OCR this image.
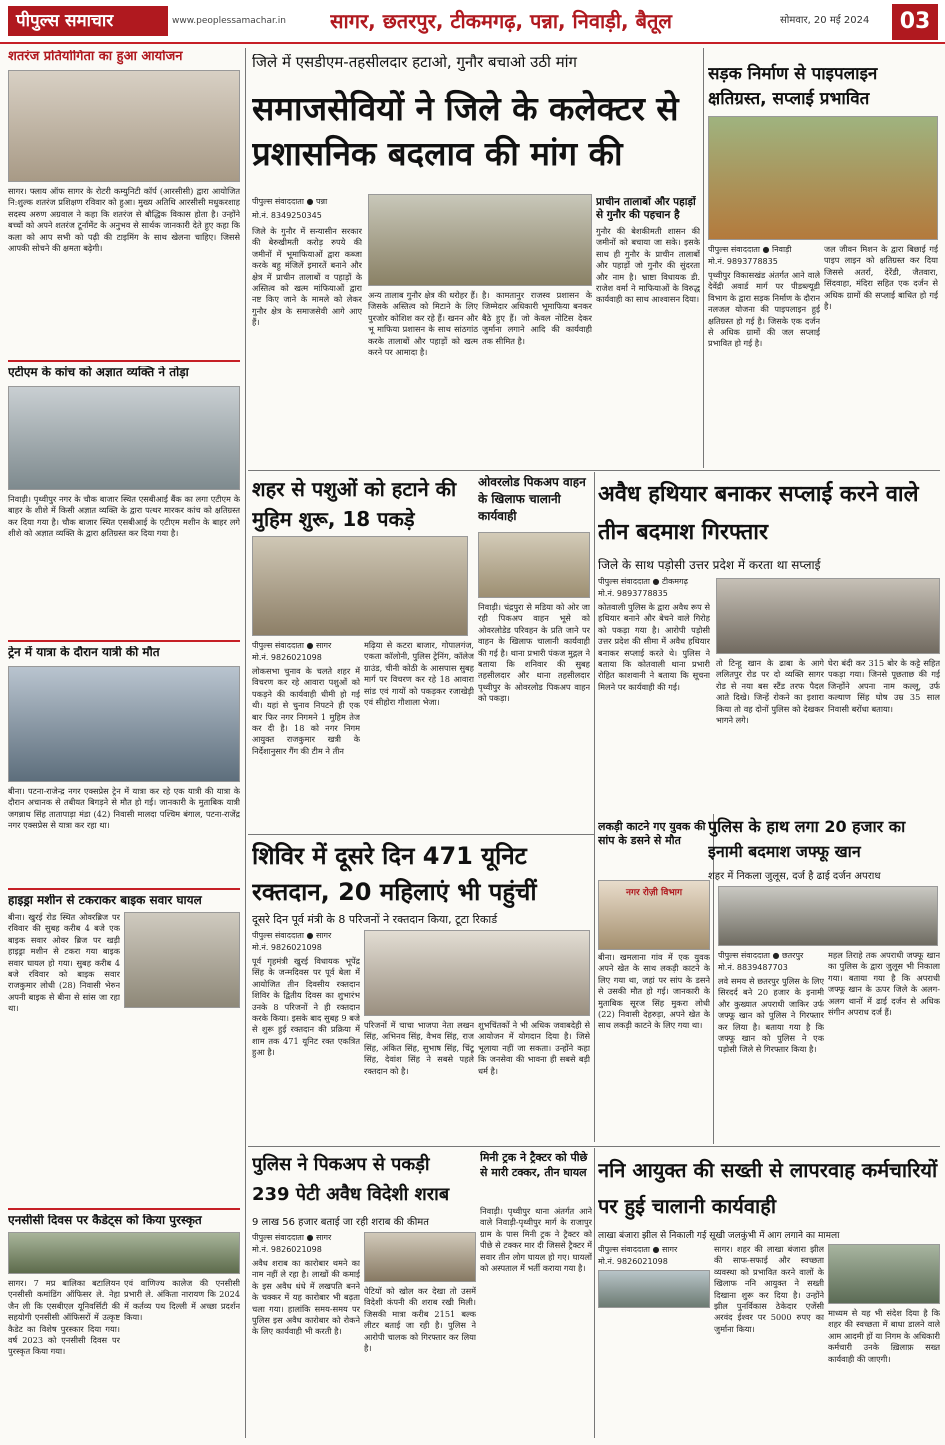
पीपुल्स समाचार	www.peoplessamachar.in	सागर, छतरपुर, टीकमगढ़, पन्ना, निवाड़ी, बैतूल	सोमवार, 20 मई 2024	03
शतरंज प्रतियोगिता का हुआ आयोजन
सागर। फ्लाय ऑफ सागर के रोटरी कम्युनिटी कॉर्प (आरसीसी) द्वारा आयोजित नि:शुल्क शतरंज प्रशिक्षण रविवार को हुआ। मुख्य अतिथि आरसीसी मधुकरशाह सदस्य अरुण अग्रवाल ने कहा कि शतरंज से बौद्धिक विकास होता है। उन्होंने बच्चों को अपने शतरंज टूर्नामेंट के अनुभव से सार्थक जानकारी देते हुए कहा कि कला को आप सभी को पढ़ी की टाइमिंग के साथ खेलना चाहिए। जिससे आपकी सोचने की क्षमता बढ़ेगी।
एटीएम के कांच को अज्ञात व्यक्ति ने तोड़ा
निवाड़ी। पृथ्वीपुर नगर के चौक बाजार स्थित एसबीआई बैंक का लगा एटीएम के बाहर के शीशे में किसी अज्ञात व्यक्ति के द्वारा पत्थर मारकर कांच को क्षतिग्रस्त कर दिया गया है। चौक बाजार स्थित एसबीआई के एटीएम मशीन के बाहर लगे शीशे को अज्ञात व्यक्ति के द्वारा क्षतिग्रस्त कर दिया गया है।
ट्रेन में यात्रा के दौरान यात्री की मौत
बीना। पटना-राजेन्द्र नगर एक्सप्रेस ट्रेन में यात्रा कर रहे एक यात्री की यात्रा के दौरान अचानक से तबीयत बिगड़ने से मौत हो गई। जानकारी के मुताबिक यात्री जगन्नाथ सिंह तातापाड़ा मंडा (42) निवासी मालदा पश्चिम बंगाल, पटना-राजेंद्र नगर एक्सप्रेस से यात्रा कर रहा था।
हाइड्रा मशीन से टकराकर बाइक सवार घायल
बीना। खुरई रोड स्थित ओवरब्रिज पर रविवार की सुबह करीब 4 बजे एक बाइक सवार ओवर ब्रिज पर खड़ी हाइड्रा मशीन से टकरा गया बाइक सवार घायल हो गया। सुबह करीब 4 बजे रविवार को बाइक सवार राजकुमार लोधी (28) निवासी भेरुन अपनी बाइक से बीना से सांस जा रहा था।
एनसीसी दिवस पर कैडेट्स को किया पुरस्कृत
सागर। 7 मप्र बालिका बटालियन एनसीसी कमांडिंग ऑफिसर ले. नेहा जैन ली कि एसबीएल यूनिवर्सिटी की सहयोगी एनसीसी ऑफिसरों में उत्कृष्ट कैडेट का विशेष पुरस्कार दिया गया। वर्ष 2023 को एनसीसी दिवस पर पुरस्कृत किया गया।
एवं वाणिज्य कालेज की एनसीसी प्रभारी ले. अंकिता नारायण कि 2024 में कर्तव्य पथ दिल्ली में अच्छा प्रदर्शन किया।
जिले में एसडीएम-तहसीलदार हटाओ, गुनौर बचाओ उठी मांग
समाजसेवियों ने जिले के कलेक्टर से प्रशासनिक बदलाव की मांग की
पीपुल्स संवाददाता ● पन्ना
मो.नं. 8349250345
जिले के गुनौर में सन्यासीन सरकार की बेरुखीमती करोड़ रुपये की जमीनों में भूमाफियाओं द्वारा कब्जा करके बहु मंजिलें इमारतें बनाने और क्षेत्र में प्राचीन तालाबों व पहाड़ों के अस्तित्व को खत्म मांफियाओं द्वारा नष्ट किए जाने के मामले को लेकर गुनौर क्षेत्र के समाजसेवी आगे आए हैं।
अन्य तालाब गुनौर क्षेत्र की धरोहर हैं। जिसके अस्तित्व को मिटाने के लिए पुरजोर कोशिश कर रहे हैं। खनन और भू माफिया प्रशासन के साथ सांठगांठ करके तालाबों और पहाड़ों को खत्म करने पर आमादा है।
है। कामतानुर राजस्व प्रशासन के जिम्मेदार अधिकारी भूमाफिया बनकर बैठे हुए हैं। जो केवल नोटिस देकर जुर्माना लगाने आदि की कार्यवाही तक सीमित है।
प्राचीन तालाबों और पहाड़ों से गुनौर की पहचान है
गुनौर की बेशकीमती शासन की जमीनों को बचाया जा सके। इसके साथ ही गुनौर के प्राचीन तालाबों और पहाड़ों जो गुनौर की सुंदरता और नाम है। भ्राष्टा विधायक डी. राजेश वर्मा ने माफियाओं के विरुद्ध कार्यवाही का साथ आश्वासन दिया।
सड़क निर्माण से पाइपलाइन क्षतिग्रस्त, सप्लाई प्रभावित
पीपुल्स संवाददाता ● निवाड़ी
मो.नं. 9893778835
पृथ्वीपुर विकासखंड अंतर्गत आने वाले देवेंद्री अवार्ड मार्ग पर पीडब्ल्यूडी विभाग के द्वारा सड़क निर्माण के दौरान नलजल योजना की पाइपलाइन हुई क्षतिग्रस्त हो गई है। जिसके एक दर्जन से अधिक ग्रामों की जल सप्लाई प्रभावित हो गई है।
जल जीवन मिशन के द्वारा बिछाई गई पाइप लाइन को क्षतिग्रस्त कर दिया जिससे अतर्रा, देरेंडी, जैतवारा, सिंदवाहा, मंदिरा सहित एक दर्जन से अधिक ग्रामों की सप्लाई बाधित हो गई है।
शहर से पशुओं को हटाने की मुहिम शुरू, 18 पकड़े
पीपुल्स संवाददाता ● सागर
मो.नं. 9826021098
लोकसभा चुनाव के चलते शहर में विचरण कर रहे आवारा पशुओं को पकड़ने की कार्यवाही धीमी हो गई थी। यहां से चुनाव निपटने ही एक बार फिर नगर निगमने 1 मुहिम तेज कर दी है। 18 को नगर निगम आयुक्त राजकुमार खत्री के निर्देशानुसार गैंग की टीम ने तीन
मढ़िया से कटरा बाजार, गोपालगंज, एकता कॉलोनी, पुलिस ट्रेनिंग, कॉलेज ग्राउंड, चीनी कोठी के आसपास सुबह मार्ग पर विचरण कर रहे 18 आवारा सांड एवं गायों को पकड़कर रजाखेड़ी एवं सीहोरा गौशाला भेजा।
ओवरलोड पिकअप वाहन के खिलाफ चालानी कार्यवाही
निवाड़ी। चंद्रपुरा से मडिया को ओर जा रही पिकअप वाहन भूसे को ओवरलोडेड परिवहन के प्रति जाने पर वाहन के खिलाफ चालानी कार्यवाही की गई है। थाना प्रभारी पंकज मुद्गल ने बताया कि शनिवार की सुबह तहसीलदार और थाना तहसीलदार पृथ्वीपुर के ओवरलोड पिकअप वाहन को पकड़ा।
अवैध हथियार बनाकर सप्लाई करने वाले तीन बदमाश गिरफ्तार
जिले के साथ पड़ोसी उत्तर प्रदेश में करता था सप्लाई
पीपुल्स संवाददाता ● टीकमगढ़
मो.नं. 9893778835
कोतवाली पुलिस के द्वारा अवैध रूप से हथियार बनाने और बेचने वाले गिरोह को पकड़ा गया है। आरोपी पड़ोसी उत्तर प्रदेश की सीमा में अवैध हथियार बनाकर सप्लाई करते थे। पुलिस ने बताया कि कोतवाली थाना प्रभारी रोहित काशवानी ने बताया कि सूचना मिलने पर कार्यवाही की गई।
तो टिन्हू खान के ढाबा के आगे ललितपुर रोड पर दो व्यक्ति सागर रोड से नया बस स्टैंड तरफ पैदल आते दिखे। जिन्हें रोकने का इशारा किया तो वह दोनों पुलिस को देखकर भागने लगे।
घेरा बंदी कर 315 बोर के कट्टे सहित पकड़ा गया। जिनसे पूछताछ की गई जिन्होंने अपना नाम कल्लू, उर्फ कल्याण सिंह घोष उम्र 35 साल निवासी बरोंधा बताया।
शिविर में दूसरे दिन 471 यूनिट रक्तदान, 20 महिलाएं भी पहुंचीं
दूसरे दिन पूर्व मंत्री के 8 परिजनों ने रक्तदान किया, टूटा रिकार्ड
पीपुल्स संवाददाता ● सागर
मो.नं. 9826021098
पूर्व गृहमंत्री खुरई विधायक भूपेंद्र सिंह के जन्मदिवस पर पूर्व बेला में आयोजित तीन दिवसीय रक्तदान शिविर के द्वितीय दिवस का शुभारंभ उनके 8 परिजनों ने ही रक्तदान करके किया। इसके बाद सुबह 9 बजे से शुरू हुई रक्तदान की प्रक्रिया में शाम तक 471 यूनिट रक्त एकत्रित हुआ है।
परिजनों में चाचा भाजपा नेता लखन सिंह, अभिनव सिंह, वैभव सिंह, राज सिंह, अंकित सिंह, सुभाष सिंह, चिंटू सिंह, देवांश सिंह ने सबसे पहले रक्तदान को है।
शुभचिंतकों ने भी अधिक जवाबदेही से आयोजन में योगदान दिया है। जिसे भूलाया नहीं जा सकता। उन्होंने कहा कि जनसेवा की भावना ही सबसे बड़ी धर्म है।
लकड़ी काटने गए युवक की सांप के डसने से मौत
नगर रोज़ी विभाग
बीना। खमलाना गांव में एक युवक अपने खेत के साथ लकड़ी काटने के लिए गया था, जहां पर सांप के डसने से उसकी मौत हो गई। जानकारी के मुताबिक सूरज सिंह मुकरा लोधी (22) निवासी देहरुड़ा, अपने खेत के साथ लकड़ी काटने के लिए गया था।
पुलिस के हाथ लगा 20 हजार का इनामी बदमाश जफ्फू खान
शहर में निकला जुलूस, दर्ज है ढाई दर्जन अपराध
पीपुल्स संवाददाता ● छतरपुर
मो.नं. 8839487703
लवे समय से छतरपुर पुलिस के लिए सिरदर्द बने 20 हजार के इनामी और कुख्यात अपराधी जाकिर उर्फ जफ्फू खान को पुलिस ने गिरफ्तार कर लिया है। बताया गया है कि जफ्फू खान को पुलिस ने एक पड़ोसी जिले से गिरफ्तार किया है।
महल तिराहे तक अपराधी जफ्फू खान का पुलिस के द्वारा जुलूस भी निकाला गया। बताया गया है कि अपराधी जफ्फू खान के ऊपर जिले के अलग-अलग थानों में ढाई दर्जन से अधिक संगीन अपराध दर्ज हैं।
पुलिस ने पिकअप से पकड़ी 239 पेटी अवैध विदेशी शराब
9 लाख 56 हजार बताई जा रही शराब की कीमत
पीपुल्स संवाददाता ● सागर
मो.नं. 9826021098
अवैध शराब का कारोबार थमने का नाम नहीं ले रहा है। लाखों की कमाई के इस अवैध धंधे में लखपति बनने के चक्कर में यह कारोबार भी बढ़ता चला गया। हालांकि समय-समय पर पुलिस इस अवैध कारोबार को रोकने के लिए कार्यवाही भी करती है।
पेटियों को खोल कर देखा तो उसमें विदेशी कंपनी की शराब रखी मिली। जिसकी मात्रा करीब 2151 बल्क लीटर बताई जा रही है। पुलिस ने आरोपी चालक को गिरफ्तार कर लिया है।
मिनी ट्रक ने ट्रैक्टर को पीछे से मारी टक्कर, तीन घायल
निवाड़ी। पृथ्वीपुर थाना अंतर्गत आने वाले निवाड़ी-पृथ्वीपुर मार्ग के राजापुर ग्राम के पास मिनी ट्रक ने ट्रैक्टर को पीछे से टक्कर मार दी जिससे ट्रैक्टर में सवार तीन लोग घायल हो गए। घायलों को अस्पताल में भर्ती कराया गया है।
ननि आयुक्त की सख्ती से लापरवाह कर्मचारियों पर हुई चालानी कार्यवाही
लाखा बंजारा झील से निकाली गई सूखी जलकुंभी में आग लगाने का मामला
पीपुल्स संवाददाता ● सागर
मो.नं. 9826021098
सागर। शहर की लाखा बंजारा झील की साफ-सफाई और स्वच्छता व्यवस्था को प्रभावित करने वालों के खिलाफ ननि आयुक्त ने सख्ती दिखाना शुरू कर दिया है। उन्होंने झील पुनर्विकास ठेकेदार एजेंसी अरवंद ईश्वर पर 5000 रुपए का जुर्माना किया।
माध्यम से यह भी संदेश दिया है कि शहर की स्वच्छता में बाधा डालने वाले आम आदमी हों या निगम के अधिकारी कर्मचारी उनके ख़िलाफ़ सख्त कार्यवाही की जाएगी।
